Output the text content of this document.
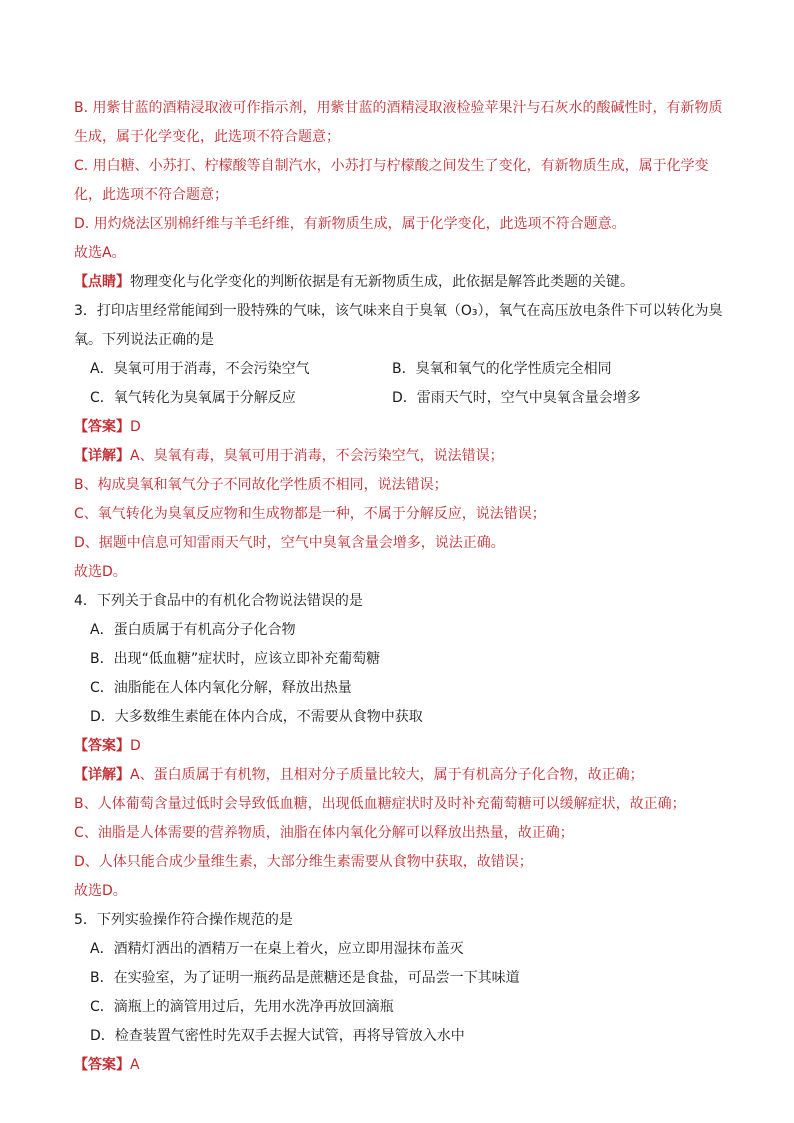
B. 用紫甘蓝的酒精浸取液可作指示剂，用紫甘蓝的酒精浸取液检验苹果汁与石灰水的酸碱性时，有新物质
生成，属于化学变化，此选项不符合题意；
C. 用白糖、小苏打、柠檬酸等自制汽水，小苏打与柠檬酸之间发生了变化，有新物质生成，属于化学变
化，此选项不符合题意；
D. 用灼烧法区别棉纤维与羊毛纤维，有新物质生成，属于化学变化，此选项不符合题意。
故选A。
【点睛】物理变化与化学变化的判断依据是有无新物质生成，此依据是解答此类题的关键。
3．打印店里经常能闻到一股特殊的气味，该气味来自于臭氧（O₃），氧气在高压放电条件下可以转化为臭
氧。下列说法正确的是
A．臭氧可用于消毒，不会污染空气	B．臭氧和氧气的化学性质完全相同
C．氧气转化为臭氧属于分解反应	D．雷雨天气时，空气中臭氧含量会增多
【答案】D
【详解】A、臭氧有毒，臭氧可用于消毒，不会污染空气，说法错误；
B、构成臭氧和氧气分子不同故化学性质不相同，说法错误；
C、氧气转化为臭氧反应物和生成物都是一种，不属于分解反应，说法错误；
D、据题中信息可知雷雨天气时，空气中臭氧含量会增多，说法正确。
故选D。
4．下列关于食品中的有机化合物说法错误的是
A．蛋白质属于有机高分子化合物
B．出现“低血糖”症状时，应该立即补充葡萄糖
C．油脂能在人体内氧化分解，释放出热量
D．大多数维生素能在体内合成，不需要从食物中获取
【答案】D
【详解】A、蛋白质属于有机物，且相对分子质量比较大，属于有机高分子化合物，故正确；
B、人体葡萄含量过低时会导致低血糖，出现低血糖症状时及时补充葡萄糖可以缓解症状，故正确；
C、油脂是人体需要的营养物质，油脂在体内氧化分解可以释放出热量，故正确；
D、人体只能合成少量维生素，大部分维生素需要从食物中获取，故错误；
故选D。
5．下列实验操作符合操作规范的是
A．酒精灯洒出的酒精万一在桌上着火，应立即用湿抹布盖灭
B．在实验室，为了证明一瓶药品是蔗糖还是食盐，可品尝一下其味道
C．滴瓶上的滴管用过后，先用水洗净再放回滴瓶
D．检查装置气密性时先双手去握大试管，再将导管放入水中
【答案】A
